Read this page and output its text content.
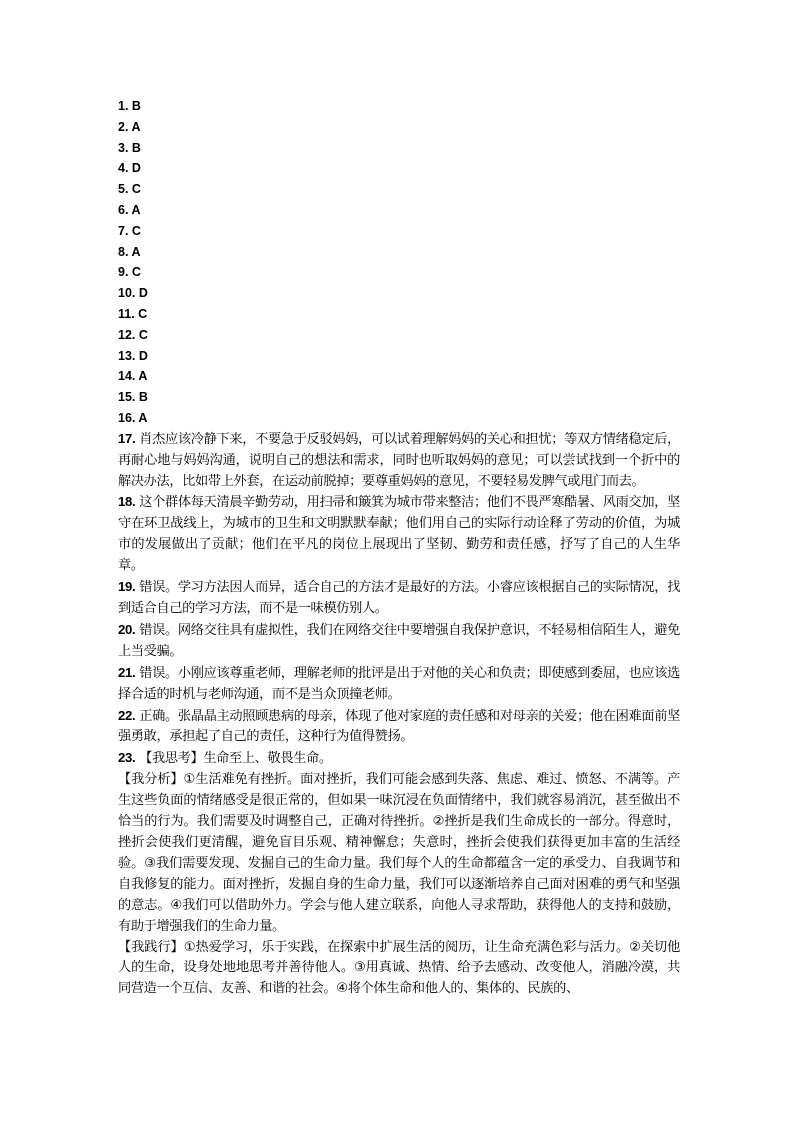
1. B
2. A
3. B
4. D
5. C
6. A
7. C
8. A
9. C
10. D
11. C
12. C
13. D
14. A
15. B
16. A

17. 肖杰应该冷静下来，不要急于反驳妈妈，可以试着理解妈妈的关心和担忧；等双方情绪稳定后，再耐心地与妈妈沟通，说明自己的想法和需求，同时也听取妈妈的意见；可以尝试找到一个折中的解决办法，比如带上外套，在运动前脱掉；要尊重妈妈的意见，不要轻易发脾气或甩门而去。

18. 这个群体每天清晨辛勤劳动，用扫帚和簸箕为城市带来整洁；他们不畏严寒酷暑、风雨交加，坚守在环卫战线上，为城市的卫生和文明默默奉献；他们用自己的实际行动诠释了劳动的价值，为城市的发展做出了贡献；他们在平凡的岗位上展现出了坚韧、勤劳和责任感，抒写了自己的人生华章。

19. 错误。学习方法因人而异，适合自己的方法才是最好的方法。小睿应该根据自己的实际情况，找到适合自己的学习方法，而不是一味模仿别人。

20. 错误。网络交往具有虚拟性，我们在网络交往中要增强自我保护意识，不轻易相信陌生人，避免上当受骗。

21. 错误。小刚应该尊重老师，理解老师的批评是出于对他的关心和负责；即使感到委屈，也应该选择合适的时机与老师沟通，而不是当众顶撞老师。

22. 正确。张晶晶主动照顾患病的母亲，体现了他对家庭的责任感和对母亲的关爱；他在困难面前坚强勇敢，承担起了自己的责任，这种行为值得赞扬。

23. 【我思考】生命至上、敬畏生命。

【我分析】①生活难免有挫折。面对挫折，我们可能会感到失落、焦虑、难过、愤怒、不满等。产生这些负面的情绪感受是很正常的，但如果一味沉浸在负面情绪中，我们就容易消沉，甚至做出不恰当的行为。我们需要及时调整自己，正确对待挫折。②挫折是我们生命成长的一部分。得意时，挫折会使我们更清醒，避免盲目乐观、精神懈怠；失意时，挫折会使我们获得更加丰富的生活经验。③我们需要发现、发掘自己的生命力量。我们每个人的生命都蕴含一定的承受力、自我调节和自我修复的能力。面对挫折，发掘自身的生命力量，我们可以逐渐培养自己面对困难的勇气和坚强的意志。④我们可以借助外力。学会与他人建立联系，向他人寻求帮助，获得他人的支持和鼓励，有助于增强我们的生命力量。

【我践行】①热爱学习，乐于实践，在探索中扩展生活的阅历，让生命充满色彩与活力。②关切他人的生命，设身处地地思考并善待他人。③用真诚、热情、给予去感动、改变他人，消融冷漠，共同营造一个互信、友善、和谐的社会。④将个体生命和他人的、集体的、民族的、
